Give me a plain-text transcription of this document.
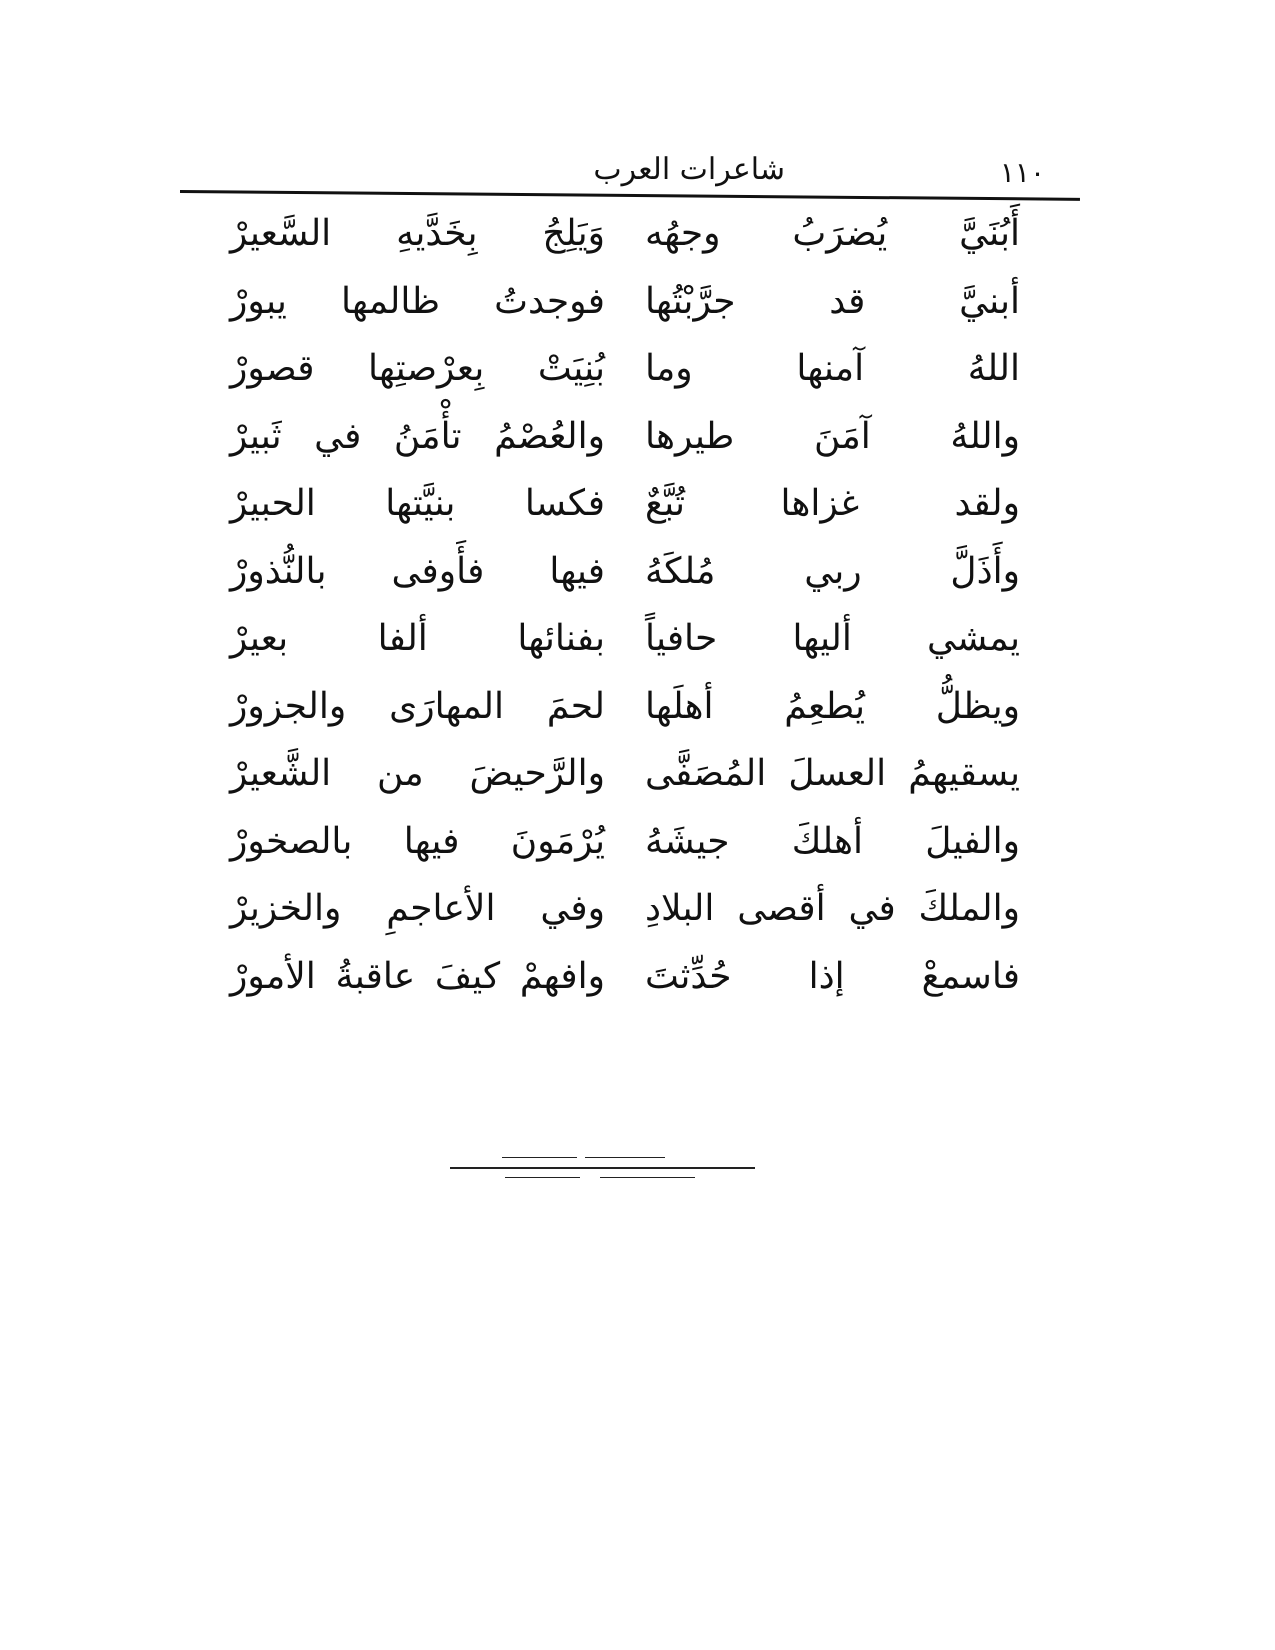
١١٠
شاعرات العرب
أَبُنَيَّ يُضرَبُ وجهُه
وَيَلِجُ بِخَدَّيهِ السَّعيرْ
أبنيَّ قد جرَّبْتُها
فوجدتُ ظالمها يبورْ
اللهُ آمنها وما
بُنِيَتْ بِعرْصتِها قصورْ
واللهُ آمَنَ طيرها
والعُصْمُ تأْمَنُ في ثَبيرْ
ولقد غزاها تُبَّعٌ
فكسا بنيَّتها الحبيرْ
وأَذَلَّ ربي مُلكَهُ
فيها فأَوفى بالنُّذورْ
يمشي أليها حافياً
بفنائها ألفا بعيرْ
ويظلُّ يُطعِمُ أهلَها
لحمَ المهارَى والجزورْ
يسقيهمُ العسلَ المُصَفَّى
والرَّحيضَ من الشَّعيرْ
والفيلَ أهلكَ جيشَهُ
يُرْمَونَ فيها بالصخورْ
والملكَ في أقصى البلادِ
وفي الأعاجمِ والخزيرْ
فاسمعْ إذا حُدِّثتَ
وافهمْ كيفَ عاقبةُ الأمورْ
